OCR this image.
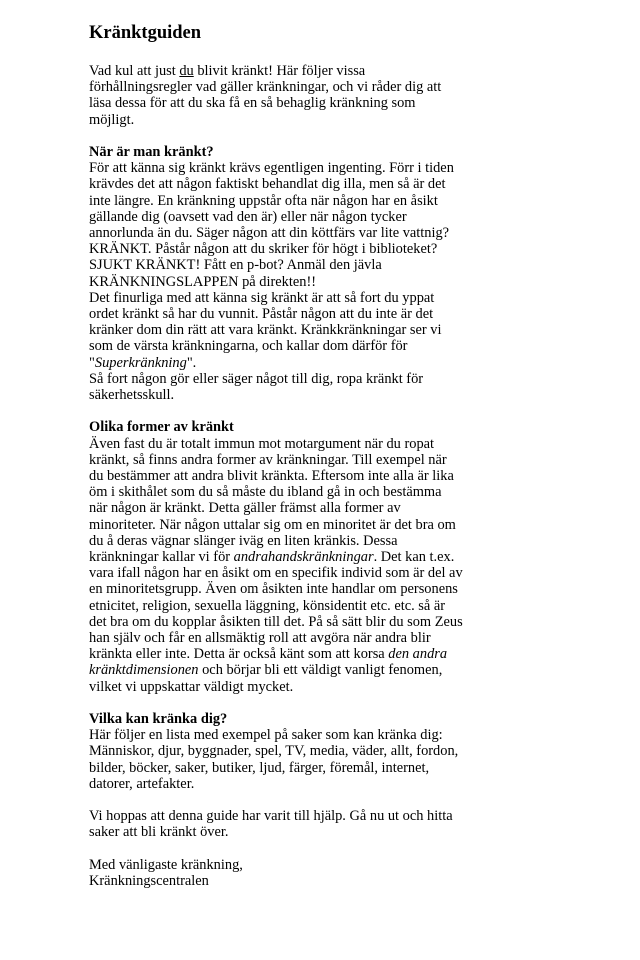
Kränktguiden
Vad kul att just du blivit kränkt! Här följer vissa
förhållningsregler vad gäller kränkningar, och vi råder dig att
läsa dessa för att du ska få en så behaglig kränkning som
möjligt.
När är man kränkt?
För att känna sig kränkt krävs egentligen ingenting. Förr i tiden
krävdes det att någon faktiskt behandlat dig illa, men så är det
inte längre. En kränkning uppstår ofta när någon har en åsikt
gällande dig (oavsett vad den är) eller när någon tycker
annorlunda än du. Säger någon att din köttfärs var lite vattnig?
KRÄNKT. Påstår någon att du skriker för högt i biblioteket?
SJUKT KRÄNKT! Fått en p-bot? Anmäl den jävla
KRÄNKNINGSLAPPEN på direkten!!
Det finurliga med att känna sig kränkt är att så fort du yppat
ordet kränkt så har du vunnit. Påstår någon att du inte är det
kränker dom din rätt att vara kränkt. Kränkkränkningar ser vi
som de värsta kränkningarna, och kallar dom därför för
"Superkränkning".
Så fort någon gör eller säger något till dig, ropa kränkt för
säkerhetsskull.
Olika former av kränkt
Även fast du är totalt immun mot motargument när du ropat
kränkt, så finns andra former av kränkningar. Till exempel när
du bestämmer att andra blivit kränkta. Eftersom inte alla är lika
öm i skithålet som du så måste du ibland gå in och bestämma
när någon är kränkt. Detta gäller främst alla former av
minoriteter. När någon uttalar sig om en minoritet är det bra om
du å deras vägnar slänger iväg en liten kränkis. Dessa
kränkningar kallar vi för andrahandskränkningar. Det kan t.ex.
vara ifall någon har en åsikt om en specifik individ som är del av
en minoritetsgrupp. Även om åsikten inte handlar om personens
etnicitet, religion, sexuella läggning, könsidentit etc. etc. så är
det bra om du kopplar åsikten till det. På så sätt blir du som Zeus
han själv och får en allsmäktig roll att avgöra när andra blir
kränkta eller inte. Detta är också känt som att korsa den andra
kränktdimensionen och börjar bli ett väldigt vanligt fenomen,
vilket vi uppskattar väldigt mycket.
Vilka kan kränka dig?
Här följer en lista med exempel på saker som kan kränka dig:
Människor, djur, byggnader, spel, TV, media, väder, allt, fordon,
bilder, böcker, saker, butiker, ljud, färger, föremål, internet,
datorer, artefakter.
Vi hoppas att denna guide har varit till hjälp. Gå nu ut och hitta
saker att bli kränkt över.
Med vänligaste kränkning,
Kränkningscentralen
